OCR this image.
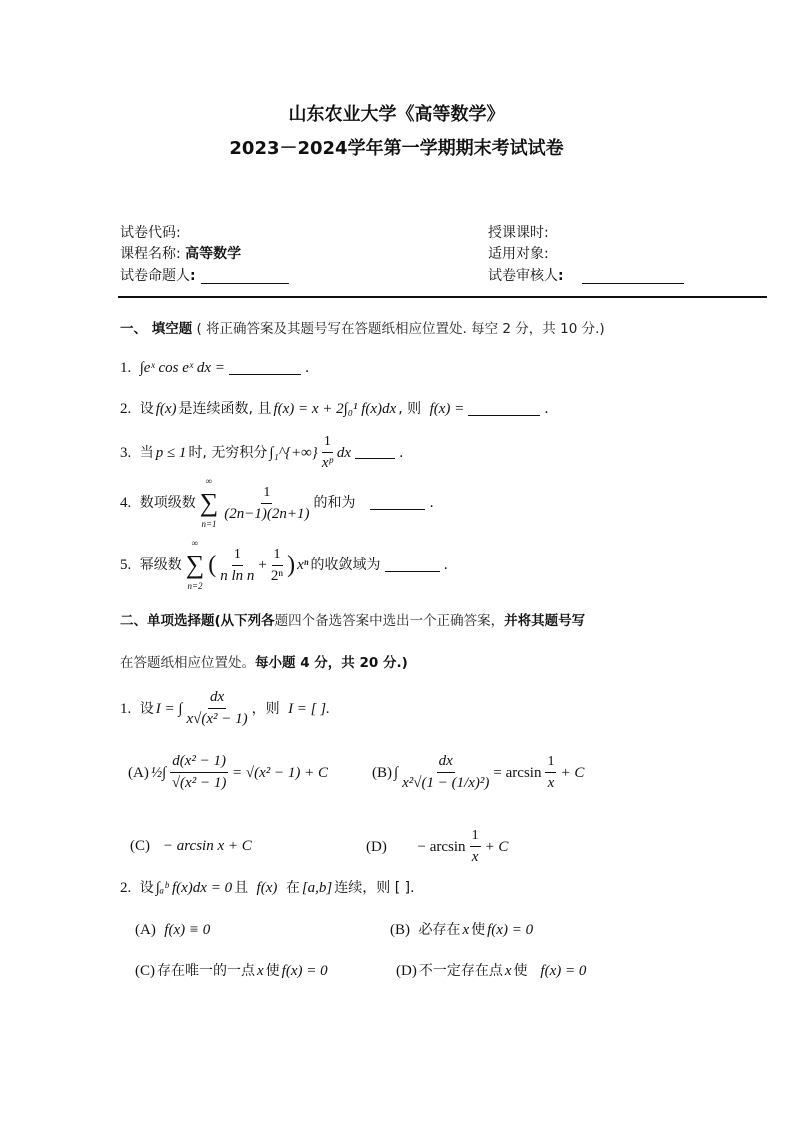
山东农业大学《高等数学》
2023－2024学年第一学期期末考试试卷
试卷代码:	授课课时:
课程名称: 高等数学	适用对象:
试卷命题人:	试卷审核人:
一、 填空题 ( 将正确答案及其题号写在答题纸相应位置处. 每空 2 分，共 10 分.)
1.
∫eˣ cos eˣ dx =	.
2.
设 f(x) 是连续函数, 且 f(x) = x + 2∫₀¹ f(x)dx , 则
f(x) =	.
3.
当 p ≤ 1 时, 无穷积分 ∫₁^{+∞} $\frac{1}{\text{xᵖ}}$ dx	.
4.
数项级数
∞
∑
n=1
$\frac{1}{(2n-1)(2n+1)}$ 的和为
	.
5.
幂级数
∞
∑
n=2
( $\frac{1}{\text{n ln n}} + \frac{1}{\text{2ⁿ}}$ ) xⁿ 的收敛域为	.
二、单项选择题(从下列各题四个备选答案中选出一个正确答案，并将其题号写
在答题纸相应位置处。每小题 4 分，共 20 分.)
1.
设 I = ∫ $\frac{dx}{\text{x√(x² − 1)}}$ ，则
I = [ ].
(A) ½∫ $\frac{\text{d(x² − 1)}}{\text{√(x² − 1)}} = √(x^2 - 1) + C$	(B) ∫ $\frac{dx}{\text{x²√(1 − (1/x)²)}} = \arcsin \frac{1}{x} + C$
(C)
− arcsin x + C	(D)
− $\arcsin \frac{1}{x} + C$
2.
设 ∫ₐᵇ f(x)dx = 0 且
f(x)
在 [a,b] 连续，则 [ ].
(A)
f(x) ≡ 0	(B)
必存在 x 使 f(x) = 0
(C) 存在唯一的一点 x 使 f(x) = 0	(D) 不一定存在点 x 使
f(x) = 0
